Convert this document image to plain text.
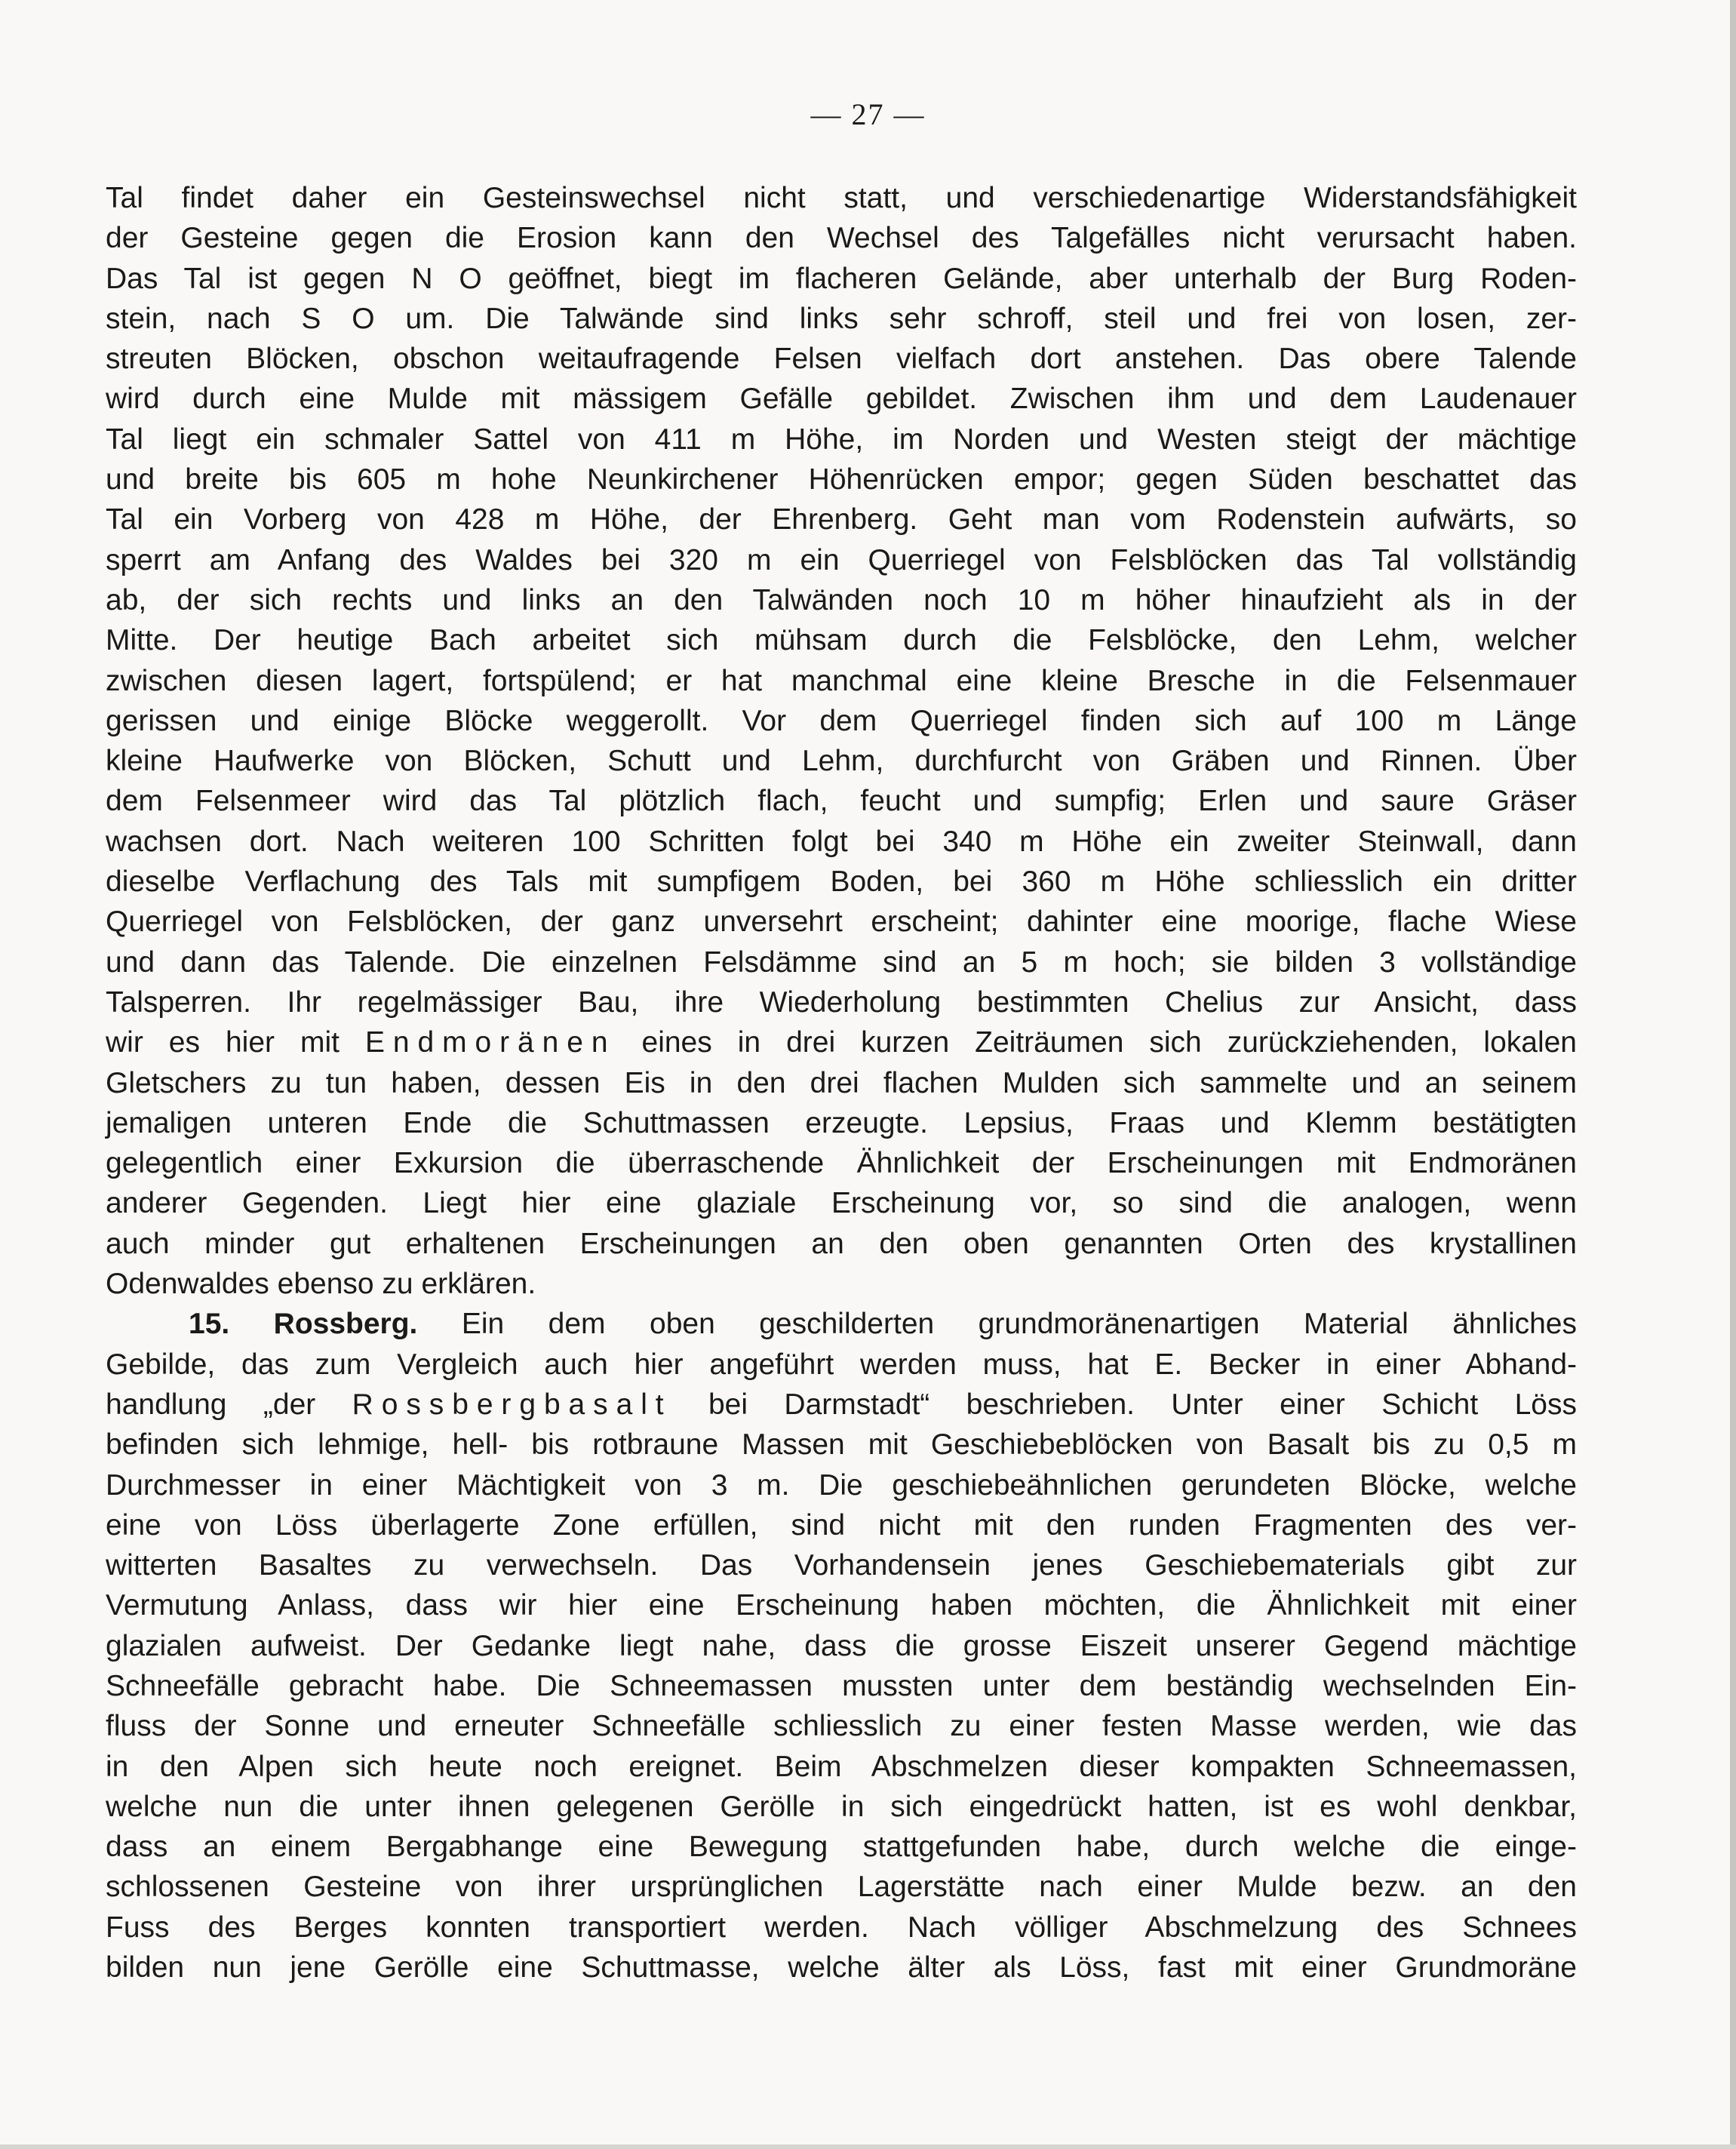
— 27 —
Tal findet daher ein Gesteinswechsel nicht statt, und verschiedenartige Widerstandsfähigkeit
der Gesteine gegen die Erosion kann den Wechsel des Talgefälles nicht verursacht haben.
Das Tal ist gegen N O geöffnet, biegt im flacheren Gelände, aber unterhalb der Burg Roden-
stein, nach S O um. Die Talwände sind links sehr schroff, steil und frei von losen, zer-
streuten Blöcken, obschon weitaufragende Felsen vielfach dort anstehen. Das obere Talende
wird durch eine Mulde mit mässigem Gefälle gebildet. Zwischen ihm und dem Laudenauer
Tal liegt ein schmaler Sattel von 411 m Höhe, im Norden und Westen steigt der mächtige
und breite bis 605 m hohe Neunkirchener Höhenrücken empor; gegen Süden beschattet das
Tal ein Vorberg von 428 m Höhe, der Ehrenberg. Geht man vom Rodenstein aufwärts, so
sperrt am Anfang des Waldes bei 320 m ein Querriegel von Felsblöcken das Tal vollständig
ab, der sich rechts und links an den Talwänden noch 10 m höher hinaufzieht als in der
Mitte. Der heutige Bach arbeitet sich mühsam durch die Felsblöcke, den Lehm, welcher
zwischen diesen lagert, fortspülend; er hat manchmal eine kleine Bresche in die Felsenmauer
gerissen und einige Blöcke weggerollt. Vor dem Querriegel finden sich auf 100 m Länge
kleine Haufwerke von Blöcken, Schutt und Lehm, durchfurcht von Gräben und Rinnen. Über
dem Felsenmeer wird das Tal plötzlich flach, feucht und sumpfig; Erlen und saure Gräser
wachsen dort. Nach weiteren 100 Schritten folgt bei 340 m Höhe ein zweiter Steinwall, dann
dieselbe Verflachung des Tals mit sumpfigem Boden, bei 360 m Höhe schliesslich ein dritter
Querriegel von Felsblöcken, der ganz unversehrt erscheint; dahinter eine moorige, flache Wiese
und dann das Talende. Die einzelnen Felsdämme sind an 5 m hoch; sie bilden 3 vollständige
Talsperren. Ihr regelmässiger Bau, ihre Wiederholung bestimmten Chelius zur Ansicht, dass
wir es hier mit Endmoränen eines in drei kurzen Zeiträumen sich zurückziehenden, lokalen
Gletschers zu tun haben, dessen Eis in den drei flachen Mulden sich sammelte und an seinem
jemaligen unteren Ende die Schuttmassen erzeugte. Lepsius, Fraas und Klemm bestätigten
gelegentlich einer Exkursion die überraschende Ähnlichkeit der Erscheinungen mit Endmoränen
anderer Gegenden. Liegt hier eine glaziale Erscheinung vor, so sind die analogen, wenn
auch minder gut erhaltenen Erscheinungen an den oben genannten Orten des krystallinen
Odenwaldes ebenso zu erklären.
15. Rossberg. Ein dem oben geschilderten grundmoränenartigen Material ähnliches
Gebilde, das zum Vergleich auch hier angeführt werden muss, hat E. Becker in einer Abhand-
handlung „der Rossbergbasalt bei Darmstadt“ beschrieben. Unter einer Schicht Löss
befinden sich lehmige, hell- bis rotbraune Massen mit Geschiebeblöcken von Basalt bis zu 0,5 m
Durchmesser in einer Mächtigkeit von 3 m. Die geschiebeähnlichen gerundeten Blöcke, welche
eine von Löss überlagerte Zone erfüllen, sind nicht mit den runden Fragmenten des ver-
witterten Basaltes zu verwechseln. Das Vorhandensein jenes Geschiebematerials gibt zur
Vermutung Anlass, dass wir hier eine Erscheinung haben möchten, die Ähnlichkeit mit einer
glazialen aufweist. Der Gedanke liegt nahe, dass die grosse Eiszeit unserer Gegend mächtige
Schneefälle gebracht habe. Die Schneemassen mussten unter dem beständig wechselnden Ein-
fluss der Sonne und erneuter Schneefälle schliesslich zu einer festen Masse werden, wie das
in den Alpen sich heute noch ereignet. Beim Abschmelzen dieser kompakten Schneemassen,
welche nun die unter ihnen gelegenen Gerölle in sich eingedrückt hatten, ist es wohl denkbar,
dass an einem Bergabhange eine Bewegung stattgefunden habe, durch welche die einge-
schlossenen Gesteine von ihrer ursprünglichen Lagerstätte nach einer Mulde bezw. an den
Fuss des Berges konnten transportiert werden. Nach völliger Abschmelzung des Schnees
bilden nun jene Gerölle eine Schuttmasse, welche älter als Löss, fast mit einer Grundmoräne
